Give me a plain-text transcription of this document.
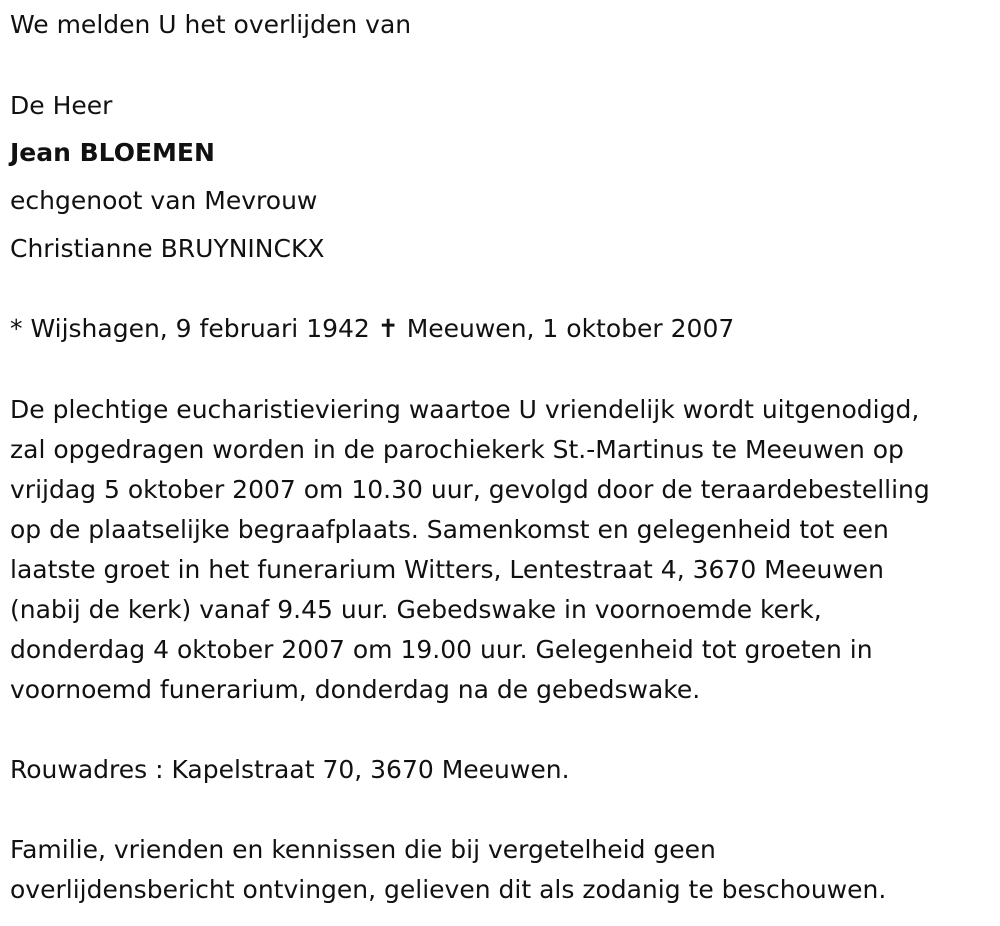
We melden U het overlijden van

De Heer

Jean BLOEMEN

echgenoot van Mevrouw

Christianne BRUYNINCKX

* Wijshagen, 9 februari 1942 ✝ Meeuwen, 1 oktober 2007

De plechtige eucharistieviering waartoe U vriendelijk wordt uitgenodigd,
zal opgedragen worden in de parochiekerk St.-Martinus te Meeuwen op
vrijdag 5 oktober 2007 om 10.30 uur, gevolgd door de teraardebestelling
op de plaatselijke begraafplaats. Samenkomst en gelegenheid tot een
laatste groet in het funerarium Witters, Lentestraat 4, 3670 Meeuwen
(nabij de kerk) vanaf 9.45 uur. Gebedswake in voornoemde kerk,
donderdag 4 oktober 2007 om 19.00 uur. Gelegenheid tot groeten in
voornoemd funerarium, donderdag na de gebedswake.

Rouwadres : Kapelstraat 70, 3670 Meeuwen.

Familie, vrienden en kennissen die bij vergetelheid geen
overlijdensbericht ontvingen, gelieven dit als zodanig te beschouwen.
